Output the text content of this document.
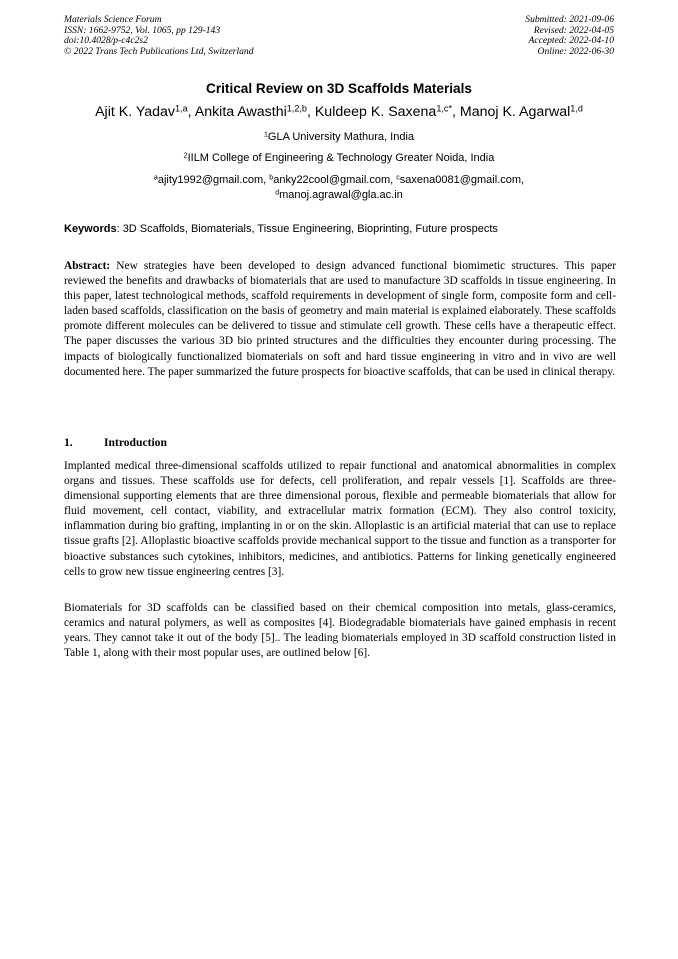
Materials Science Forum
ISSN: 1662-9752, Vol. 1065, pp 129-143
doi:10.4028/p-c4c2s2
© 2022 Trans Tech Publications Ltd, Switzerland
Submitted: 2021-09-06
Revised: 2022-04-05
Accepted: 2022-04-10
Online: 2022-06-30
Critical Review on 3D Scaffolds Materials
Ajit K. Yadav$^{1,a}$, Ankita Awasthi$^{1,2,b}$, Kuldeep K. Saxena$^{1,c*}$, Manoj K. Agarwal$^{1,d}$
$^1$GLA University Mathura, India
$^2$IILM College of Engineering & Technology Greater Noida, India
$^a$ajity1992@gmail.com, $^b$anky22cool@gmail.com, $^c$saxena0081@gmail.com,
$^d$manoj.agrawal@gla.ac.in
Keywords: 3D Scaffolds, Biomaterials, Tissue Engineering, Bioprinting, Future prospects
Abstract: New strategies have been developed to design advanced functional biomimetic structures. This paper reviewed the benefits and drawbacks of biomaterials that are used to manufacture 3D scaffolds in tissue engineering. In this paper, latest technological methods, scaffold requirements in development of single form, composite form and cell-laden based scaffolds, classification on the basis of geometry and main material is explained elaborately. These scaffolds promote different molecules can be delivered to tissue and stimulate cell growth. These cells have a therapeutic effect. The paper discusses the various 3D bio printed structures and the difficulties they encounter during processing. The impacts of biologically functionalized biomaterials on soft and hard tissue engineering in vitro and in vivo are well documented here. The paper summarized the future prospects for bioactive scaffolds, that can be used in clinical therapy.
1.	Introduction
Implanted medical three-dimensional scaffolds utilized to repair functional and anatomical abnormalities in complex organs and tissues. These scaffolds use for defects, cell proliferation, and repair vessels [1]. Scaffolds are three-dimensional supporting elements that are three dimensional porous, flexible and permeable biomaterials that allow for fluid movement, cell contact, viability, and extracellular matrix formation (ECM). They also control toxicity, inflammation during bio grafting, implanting in or on the skin. Alloplastic is an artificial material that can use to replace tissue grafts [2]. Alloplastic bioactive scaffolds provide mechanical support to the tissue and function as a transporter for bioactive substances such cytokines, inhibitors, medicines, and antibiotics. Patterns for linking genetically engineered cells to grow new tissue engineering centres [3].
Biomaterials for 3D scaffolds can be classified based on their chemical composition into metals, glass-ceramics, ceramics and natural polymers, as well as composites [4]. Biodegradable biomaterials have gained emphasis in recent years. They cannot take it out of the body [5].. The leading biomaterials employed in 3D scaffold construction listed in Table 1, along with their most popular uses, are outlined below [6].
